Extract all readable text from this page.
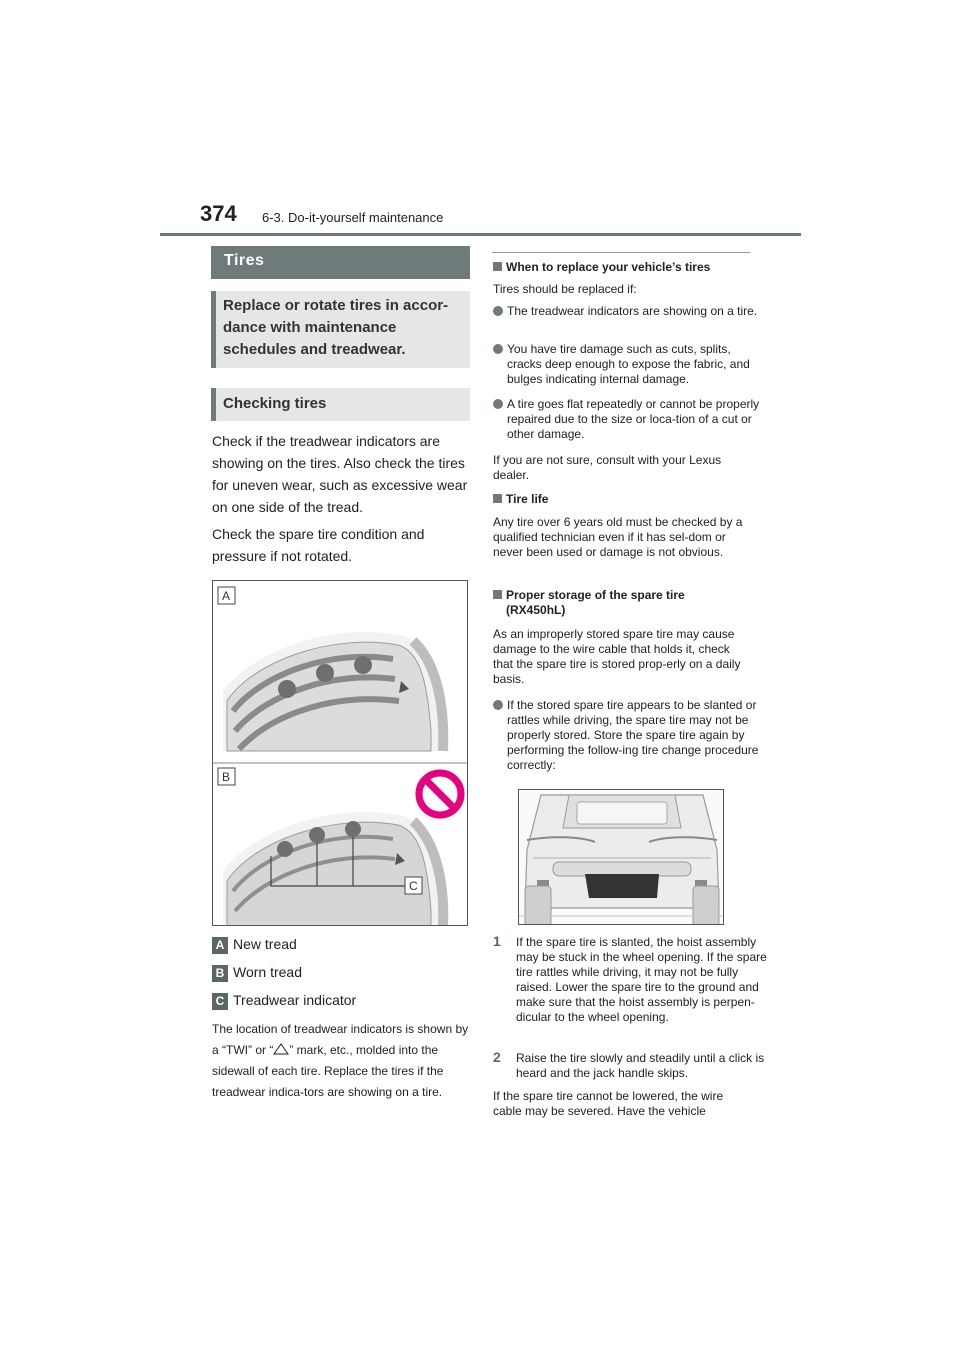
374 6-3. Do-it-yourself maintenance
Tires

Replace or rotate tires in accor-dance with maintenance schedules and treadwear.

Checking tires
Check if the treadwear indicators are showing on the tires. Also check the tires for uneven wear, such as excessive wear on one side of the tread.
Check the spare tire condition and pressure if not rotated.
A
B
C
A New tread
B Worn tread
C Treadwear indicator
The location of treadwear indicators is shown by a “TWI” or “ ” mark, etc., molded into the sidewall of each tire. Replace the tires if the treadwear indica-tors are showing on a tire.
When to replace your vehicle’s tires
Tires should be replaced if:
The treadwear indicators are showing on a tire.
You have tire damage such as cuts, splits, cracks deep enough to expose the fabric, and bulges indicating internal damage.
A tire goes flat repeatedly or cannot be properly repaired due to the size or loca-tion of a cut or other damage.
If you are not sure, consult with your Lexus dealer.
Tire life
Any tire over 6 years old must be checked by a qualified technician even if it has sel-dom or never been used or damage is not obvious.
Proper storage of the spare tire (RX450hL)
As an improperly stored spare tire may cause damage to the wire cable that holds it, check that the spare tire is stored prop-erly on a daily basis.
If the stored spare tire appears to be slanted or rattles while driving, the spare tire may not be properly stored. Store the spare tire again by performing the follow-ing tire change procedure correctly:
1 If the spare tire is slanted, the hoist assembly may be stuck in the wheel opening. If the spare tire rattles while driving, it may not be fully raised. Lower the spare tire to the ground and make sure that the hoist assembly is perpen-dicular to the wheel opening.
2 Raise the tire slowly and steadily until a click is heard and the jack handle skips.
If the spare tire cannot be lowered, the wire cable may be severed. Have the vehicle
